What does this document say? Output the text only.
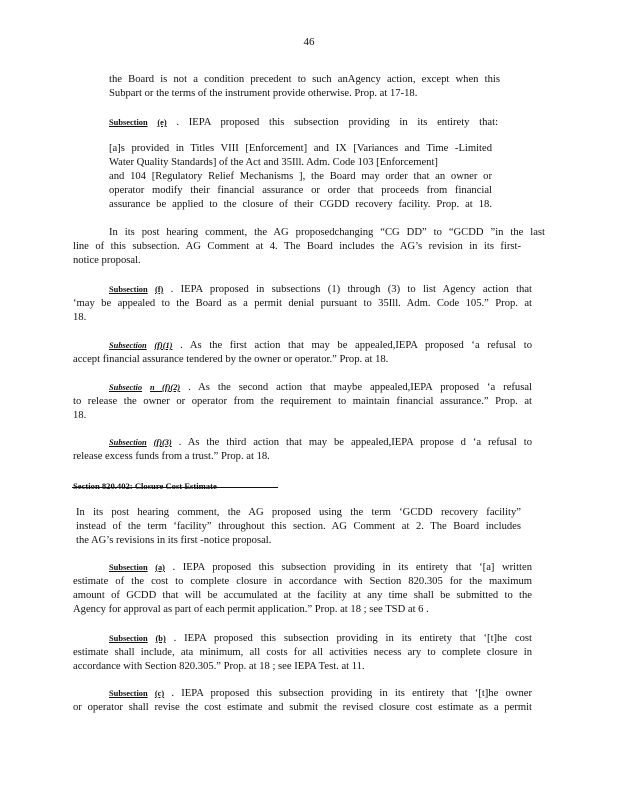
46
the Board is not a condition precedent to such anAgency action, except when this
Subpart or the terms of the instrument provide otherwise. Prop. at 17-18.
Subsection (e) . IEPA proposed this subsection providing in its entirety that:
[a]s provided in Titles VIII [Enforcement] and IX [Variances and Time -Limited
Water Quality Standards] of the Act and 35Ill. Adm. Code 103 [Enforcement]
and 104 [Regulatory Relief Mechanisms ], the Board may order that an owner or
operator modify their financial assurance or order that proceeds from financial
assurance be applied to the closure of their CGDD recovery facility. Prop. at 18.
In its post hearing comment, the AG proposedchanging “CG DD” to “GCDD ”in the last
line of this subsection. AG Comment at 4. The Board includes the AG’s revision in its first-
notice proposal.
Subsection (f) . IEPA proposed in subsections (1) through (3) to list Agency action that
‘may be appealed to the Board as a permit denial pursuant to 35Ill. Adm. Code 105.” Prop. at
18.
Subsection (f)(1) . As the first action that may be appealed,IEPA proposed ‘a refusal to
accept financial assurance tendered by the owner or operator.” Prop. at 18.
Subsectio n (f)(2) . As the second action that maybe appealed,IEPA proposed ‘a refusal
to release the owner or operator from the requirement to maintain financial assurance.” Prop. at
18.
Subsection (f)(3) . As the third action that may be appealed,IEPA propose d ‘a refusal to
release excess funds from a trust.” Prop. at 18.
Section 820.402: Closure Cost Estimate
In its post hearing comment, the AG proposed using the term ‘GCDD recovery facility”
instead of the term ‘facility” throughout this section. AG Comment at 2. The Board includes
the AG’s revisions in its first -notice proposal.
Subsection (a) . IEPA proposed this subsection providing in its entirety that ‘[a] written
estimate of the cost to complete closure in accordance with Section 820.305 for the maximum
amount of GCDD that will be accumulated at the facility at any time shall be submitted to the
Agency for approval as part of each permit application.” Prop. at 18 ; see TSD at 6 .
Subsection (b) . IEPA proposed this subsection providing in its entirety that ‘[t]he cost
estimate shall include, ata minimum, all costs for all activities necess ary to complete closure in
accordance with Section 820.305.” Prop. at 18 ; see IEPA Test. at 11.
Subsection (c) . IEPA proposed this subsection providing in its entirety that ‘[t]he owner
or operator shall revise the cost estimate and submit the revised closure cost estimate as a permit
